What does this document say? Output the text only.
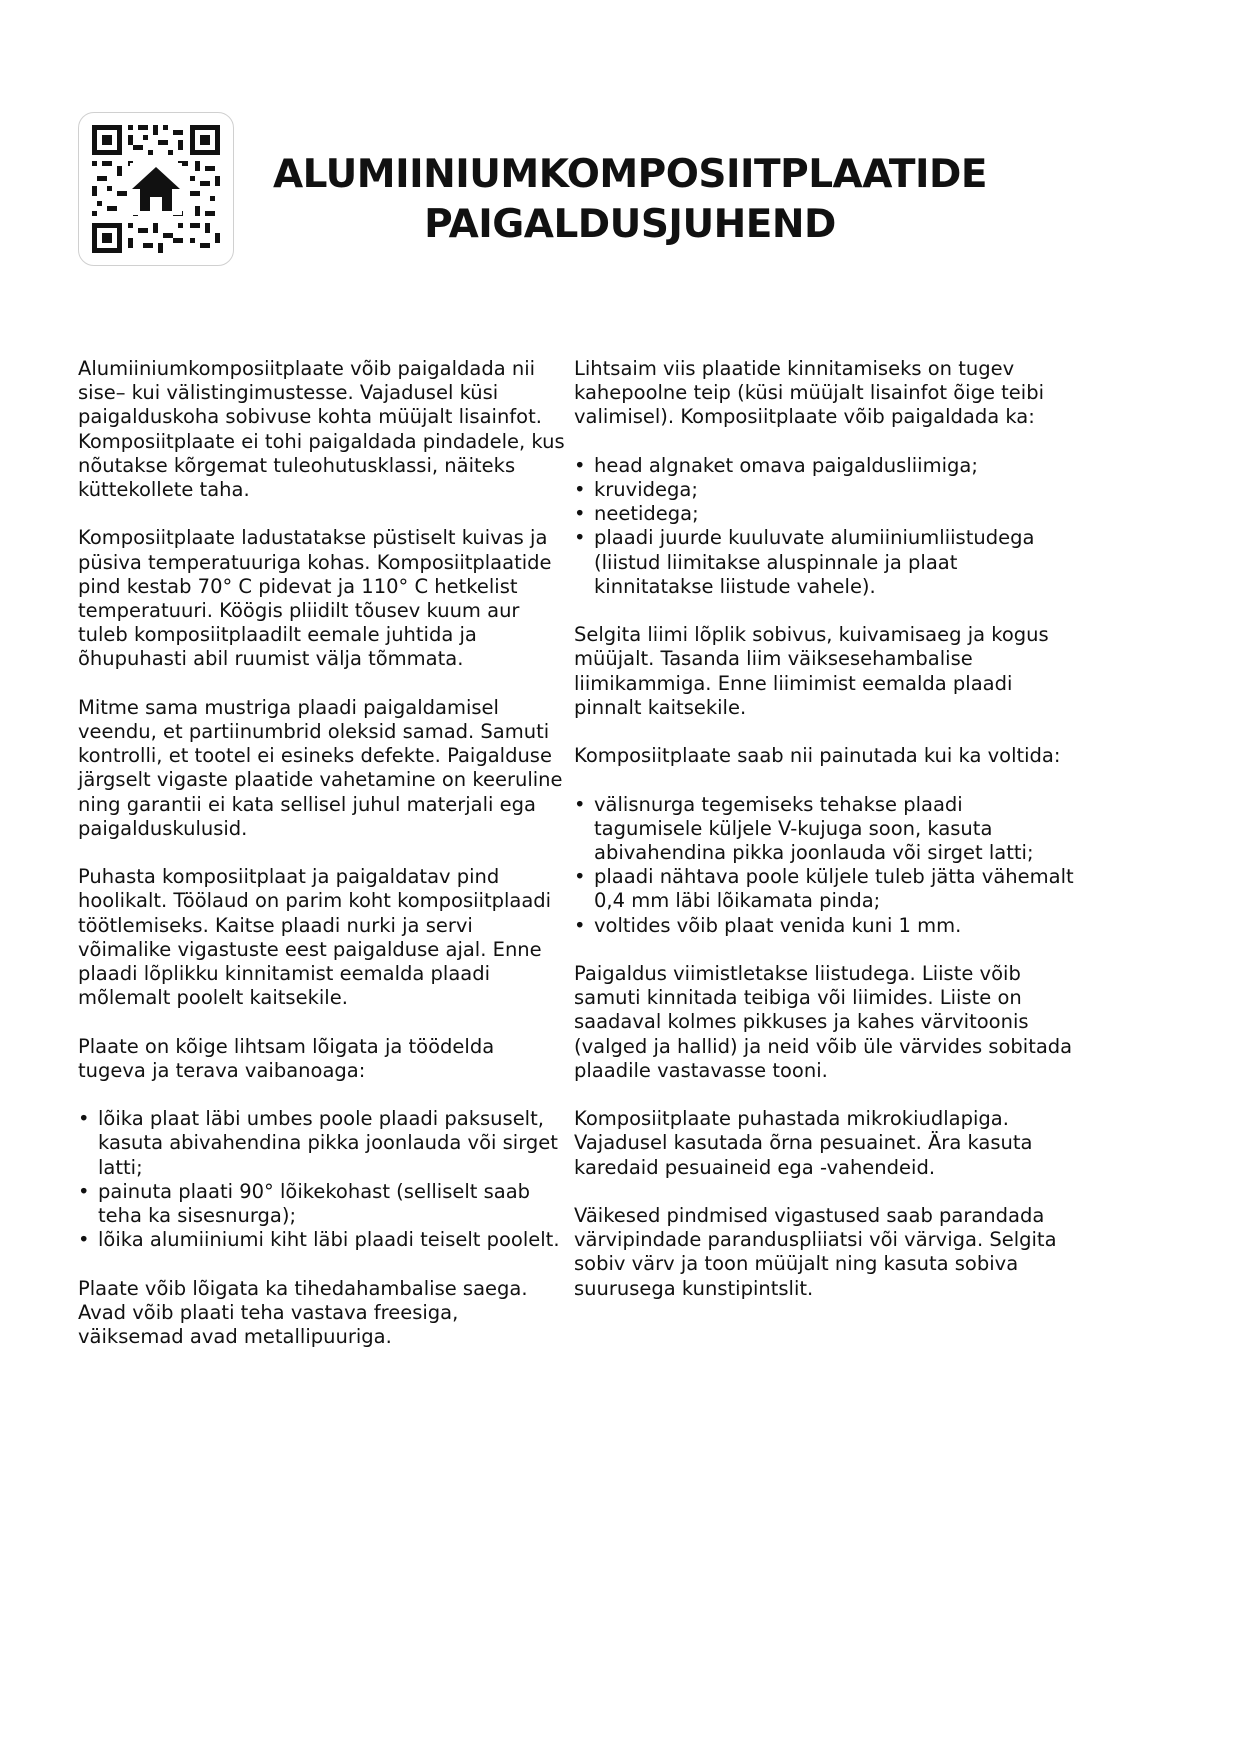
ALUMIINIUMKOMPOSIITPLAATIDE
PAIGALDUSJUHEND

Alumiiniumkomposiitplaate võib paigaldada nii sise– kui välistingimustesse. Vajadusel küsi paigalduskoha sobivuse kohta müüjalt lisainfot. Komposiitplaate ei tohi paigaldada pindadele, kus nõutakse kõrgemat tuleohutusklassi, näiteks küttekollete taha.

Komposiitplaate ladustatakse püstiselt kuivas ja püsiva temperatuuriga kohas. Komposiitplaatide pind kestab 70° C pidevat ja 110° C hetkelist temperatuuri. Köögis pliidilt tõusev kuum aur tuleb komposiitplaadilt eemale juhtida ja õhupuhasti abil ruumist välja tõmmata.

Mitme sama mustriga plaadi paigaldamisel veendu, et partiinumbrid oleksid samad. Samuti kontrolli, et tootel ei esineks defekte. Paigalduse järgselt vigaste plaatide vahetamine on keeruline ning garantii ei kata sellisel juhul materjali ega paigalduskulusid.

Puhasta komposiitplaat ja paigaldatav pind hoolikalt. Töölaud on parim koht komposiitplaadi töötlemiseks. Kaitse plaadi nurki ja servi võimalike vigastuste eest paigalduse ajal. Enne plaadi lõplikku kinnitamist eemalda plaadi mõlemalt poolelt kaitsekile.

Plaate on kõige lihtsam lõigata ja töödelda tugeva ja terava vaibanoaga:

• lõika plaat läbi umbes poole plaadi paksuselt, kasuta abivahendina pikka joonlauda või sirget latti;
• painuta plaati 90° lõikekohast (selliselt saab teha ka sisesnurga);
• lõika alumiiniumi kiht läbi plaadi teiselt poolelt.

Plaate võib lõigata ka tihedahambalise saega. Avad võib plaati teha vastava freesiga, väiksemad avad metallipuuriga.

Lihtsaim viis plaatide kinnitamiseks on tugev kahepoolne teip (küsi müüjalt lisainfot õige teibi valimisel). Komposiitplaate võib paigaldada ka:

• head algnaket omava paigaldusliimiga;
• kruvidega;
• neetidega;
• plaadi juurde kuuluvate alumiiniumliistudega (liistud liimitakse aluspinnale ja plaat kinnitatakse liistude vahele).

Selgita liimi lõplik sobivus, kuivamisaeg ja kogus müüjalt. Tasanda liim väiksesehambalise liimikammiga. Enne liimimist eemalda plaadi pinnalt kaitsekile.

Komposiitplaate saab nii painutada kui ka voltida:

• välisnurga tegemiseks tehakse plaadi tagumisele küljele V-kujuga soon, kasuta abivahendina pikka joonlauda või sirget latti;
• plaadi nähtava poole küljele tuleb jätta vähemalt 0,4 mm läbi lõikamata pinda;
• voltides võib plaat venida kuni 1 mm.

Paigaldus viimistletakse liistudega. Liiste võib samuti kinnitada teibiga või liimides. Liiste on saadaval kolmes pikkuses ja kahes värvitoonis (valged ja hallid) ja neid võib üle värvides sobitada plaadile vastavasse tooni.

Komposiitplaate puhastada mikrokiudlapiga. Vajadusel kasutada õrna pesuainet. Ära kasuta karedaid pesuaineid ega -vahendeid.

Väikesed pindmised vigastused saab parandada värvipindade paranduspliiatsi või värviga. Selgita sobiv värv ja toon müüjalt ning kasuta sobiva suurusega kunstipintslit.
